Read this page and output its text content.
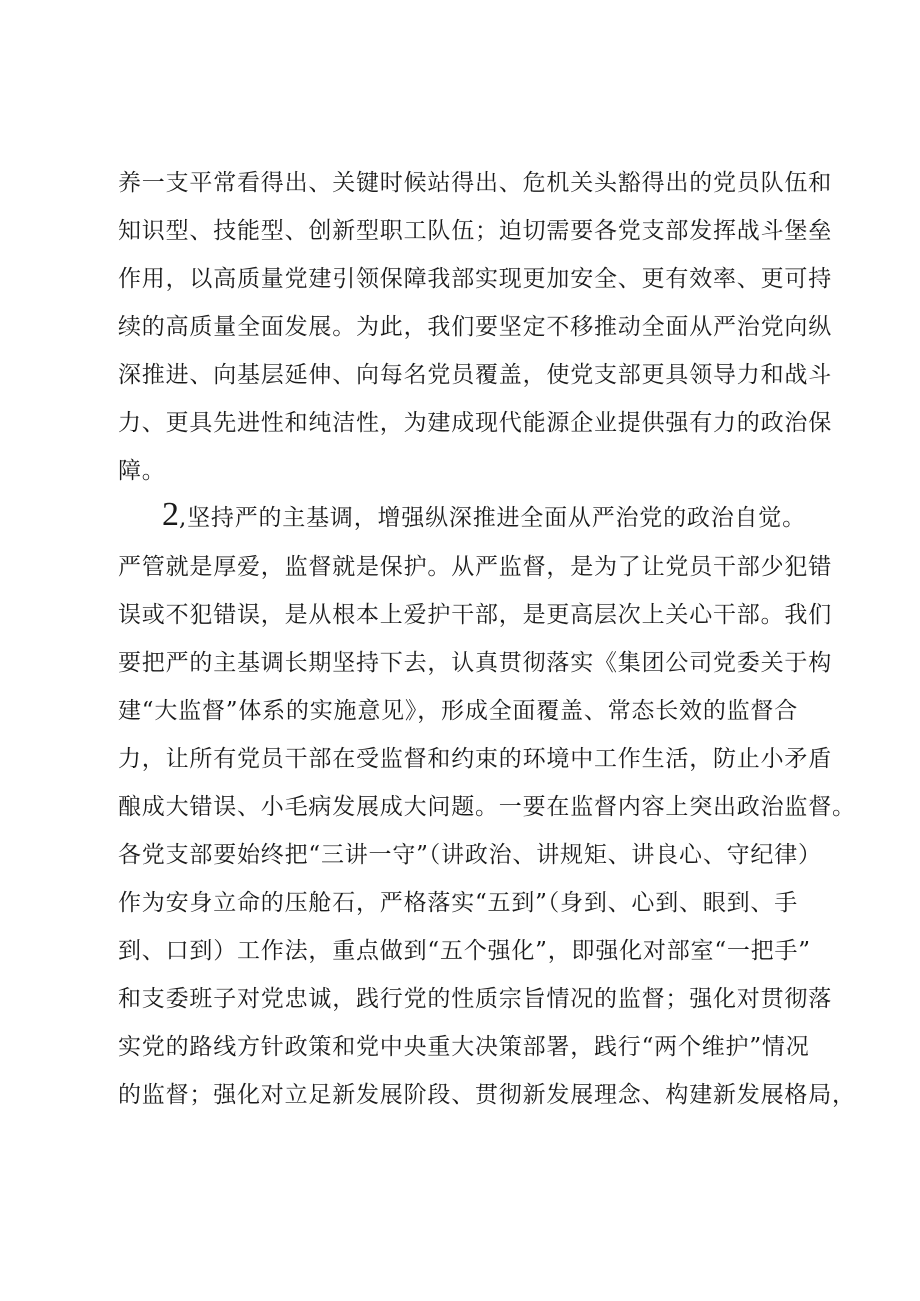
养一支平常看得出、关键时候站得出、危机关头豁得出的党员队伍和
知识型、技能型、创新型职工队伍；迫切需要各党支部发挥战斗堡垒
作用，以高质量党建引领保障我部实现更加安全、更有效率、更可持
续的高质量全面发展。为此，我们要坚定不移推动全面从严治党向纵
深推进、向基层延伸、向每名党员覆盖，使党支部更具领导力和战斗
力、更具先进性和纯洁性，为建成现代能源企业提供强有力的政治保
障。
2,坚持严的主基调，增强纵深推进全面从严治党的政治自觉。
严管就是厚爱，监督就是保护。从严监督，是为了让党员干部少犯错
误或不犯错误，是从根本上爱护干部，是更高层次上关心干部。我们
要把严的主基调长期坚持下去，认真贯彻落实《集团公司党委关于构
建“大监督”体系的实施意见》，形成全面覆盖、常态长效的监督合
力，让所有党员干部在受监督和约束的环境中工作生活，防止小矛盾
酿成大错误、小毛病发展成大问题。一要在监督内容上突出政治监督。
各党支部要始终把“三讲一守”（讲政治、讲规矩、讲良心、守纪律）
作为安身立命的压舱石，严格落实“五到”（身到、心到、眼到、手
到、口到）工作法，重点做到“五个强化”，即强化对部室“一把手”
和支委班子对党忠诚，践行党的性质宗旨情况的监督；强化对贯彻落
实党的路线方针政策和党中央重大决策部署，践行“两个维护”情况
的监督；强化对立足新发展阶段、贯彻新发展理念、构建新发展格局，
